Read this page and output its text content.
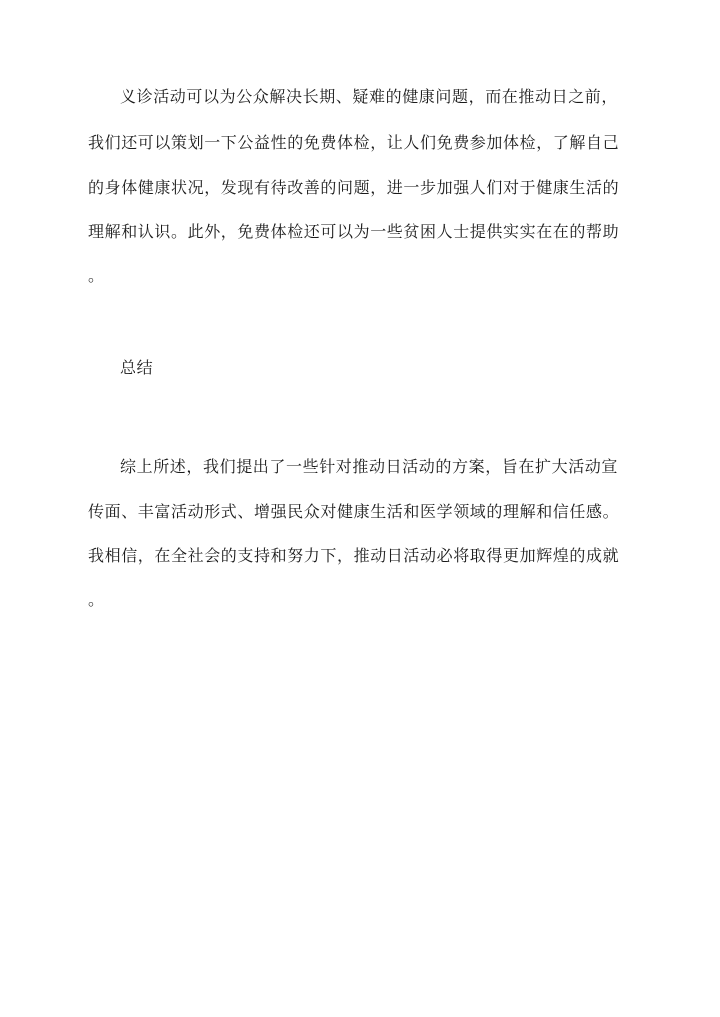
义诊活动可以为公众解决长期、疑难的健康问题，而在推动日之前，
我们还可以策划一下公益性的免费体检，让人们免费参加体检，了解自己
的身体健康状况，发现有待改善的问题，进一步加强人们对于健康生活的
理解和认识。此外，免费体检还可以为一些贫困人士提供实实在在的帮助
。
总结
综上所述，我们提出了一些针对推动日活动的方案，旨在扩大活动宣
传面、丰富活动形式、增强民众对健康生活和医学领域的理解和信任感。
我相信，在全社会的支持和努力下，推动日活动必将取得更加辉煌的成就
。
